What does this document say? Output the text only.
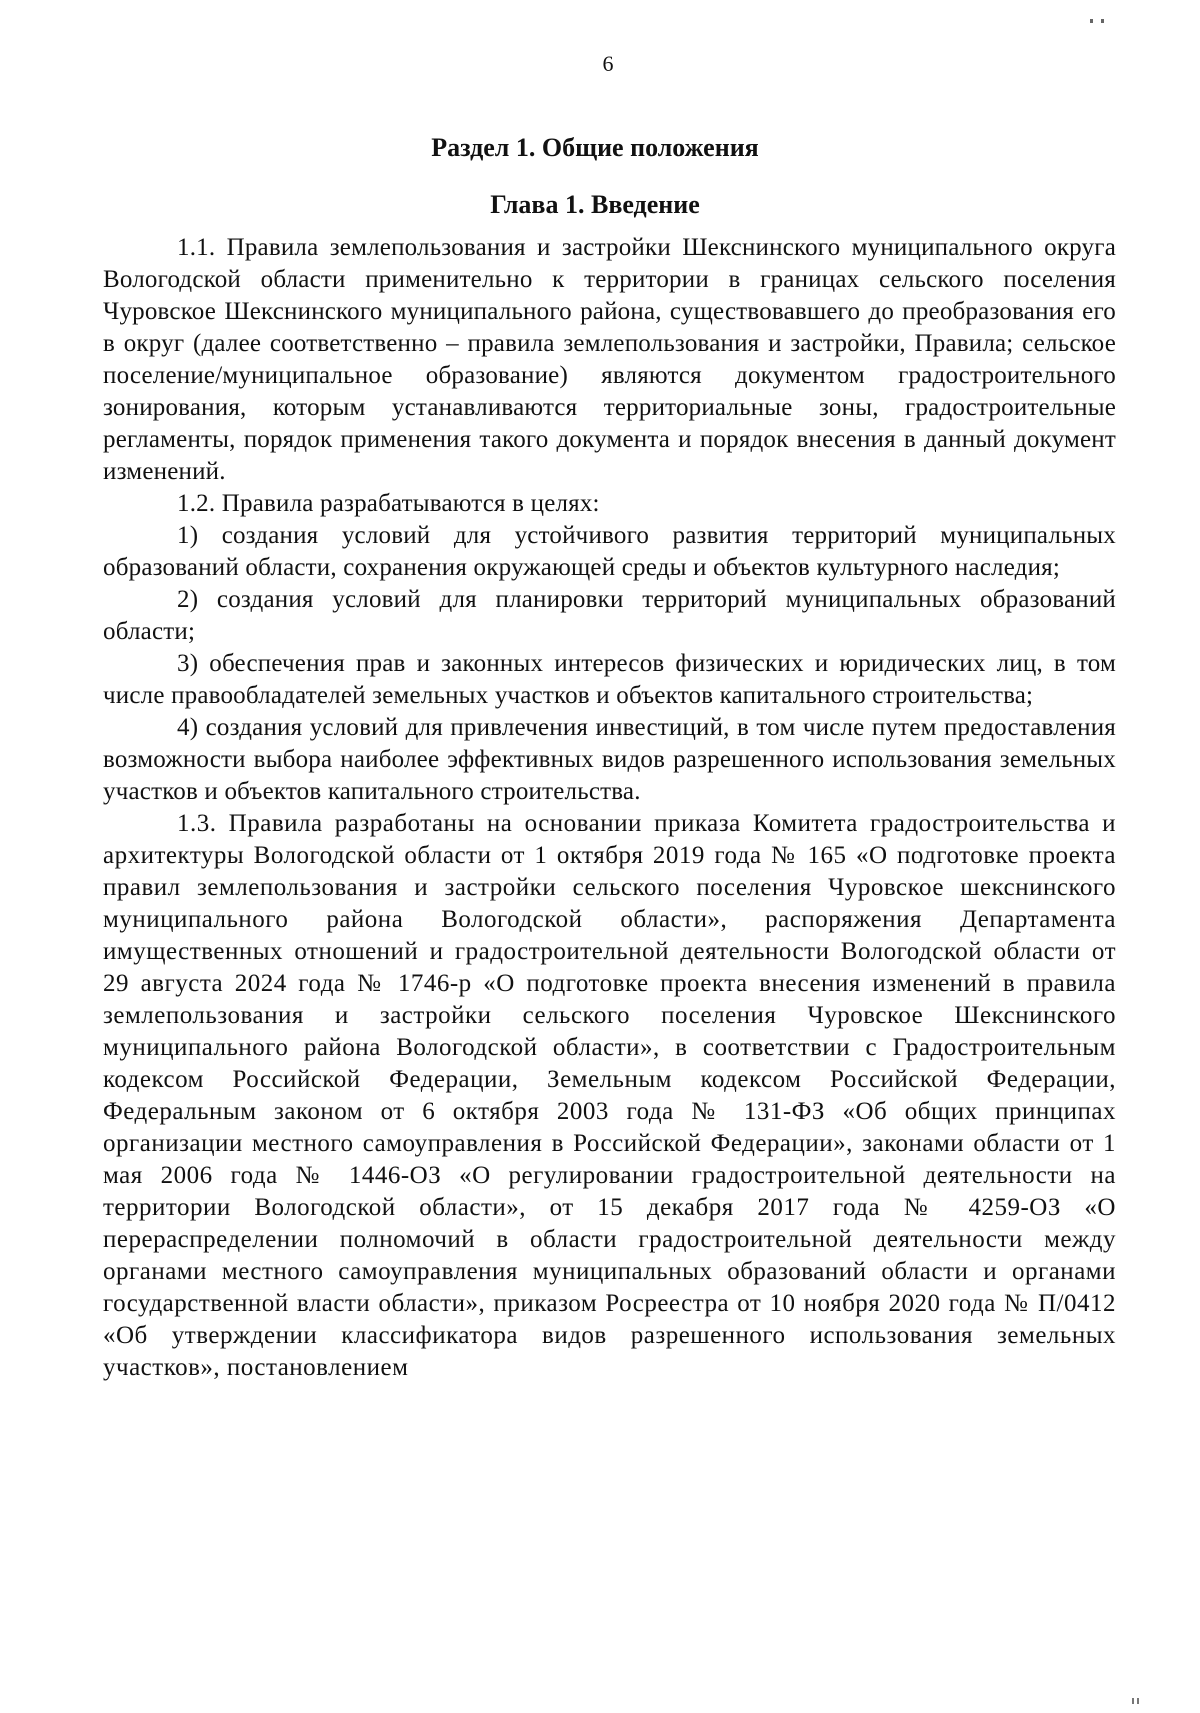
6
Раздел 1. Общие положения
Глава 1. Введение

1.1. Правила землепользования и застройки Шекснинского муниципального округа Вологодской области применительно к территории в границах сельского поселения Чуровское Шекснинского муниципального района, существовавшего до преобразования его в округ (далее соответственно – правила землепользования и застройки, Правила; сельское поселение/муниципальное образование) являются документом градостроительного зонирования, которым устанавливаются территориальные зоны, градостроительные регламенты, порядок применения такого документа и порядок внесения в данный документ изменений.

1.2. Правила разрабатываются в целях:

1) создания условий для устойчивого развития территорий муниципальных образований области, сохранения окружающей среды и объектов культурного наследия;

2) создания условий для планировки территорий муниципальных образований области;

3) обеспечения прав и законных интересов физических и юридических лиц, в том числе правообладателей земельных участков и объектов капитального строительства;

4) создания условий для привлечения инвестиций, в том числе путем предоставления возможности выбора наиболее эффективных видов разрешенного использования земельных участков и объектов капитального строительства.

1.3. Правила разработаны на основании приказа Комитета градостроительства и архитектуры Вологодской области от 1 октября 2019 года № 165 «О подготовке проекта правил землепользования и застройки сельского поселения Чуровское шекснинского муниципального района Вологодской области», распоряжения Департамента имущественных отношений и градостроительной деятельности Вологодской области от 29 августа 2024 года № 1746-р «О подготовке проекта внесения изменений в правила землепользования и застройки сельского поселения Чуровское Шекснинского муниципального района Вологодской области», в соответствии с Градостроительным кодексом Российской Федерации, Земельным кодексом Российской Федерации, Федеральным законом от 6 октября 2003 года № 131-ФЗ «Об общих принципах организации местного самоуправления в Российской Федерации», законами области от 1 мая 2006 года № 1446-ОЗ «О регулировании градостроительной деятельности на территории Вологодской области», от 15 декабря 2017 года № 4259-ОЗ «О перераспределении полномочий в области градостроительной деятельности между органами местного самоуправления муниципальных образований области и органами государственной власти области», приказом Росреестра от 10 ноября 2020 года № П/0412 «Об утверждении классификатора видов разрешенного использования земельных участков», постановлением
